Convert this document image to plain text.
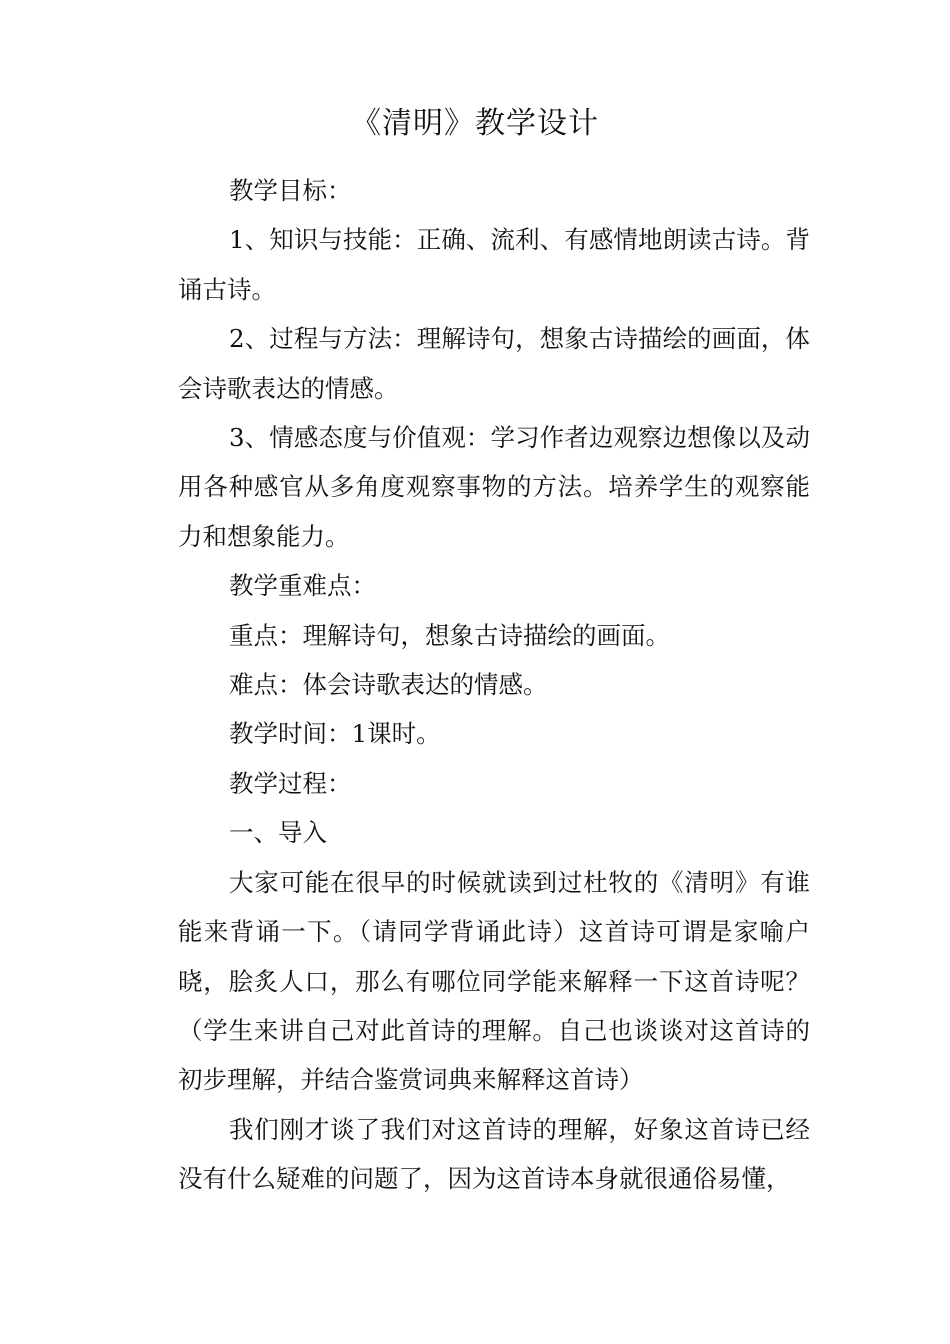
《清明》教学设计

教学目标：

1、知识与技能：正确、流利、有感情地朗读古诗。背诵古诗。

2、过程与方法：理解诗句，想象古诗描绘的画面，体会诗歌表达的情感。

3、情感态度与价值观：学习作者边观察边想像以及动用各种感官从多角度观察事物的方法。培养学生的观察能力和想象能力。

教学重难点：

重点：理解诗句，想象古诗描绘的画面。

难点：体会诗歌表达的情感。

教学时间：1课时。

教学过程：

一、导入

大家可能在很早的时候就读到过杜牧的《清明》有谁能来背诵一下。（请同学背诵此诗）这首诗可谓是家喻户晓，脍炙人口，那么有哪位同学能来解释一下这首诗呢？（学生来讲自己对此首诗的理解。自己也谈谈对这首诗的初步理解，并结合鉴赏词典来解释这首诗）

我们刚才谈了我们对这首诗的理解，好象这首诗已经没有什么疑难的问题了，因为这首诗本身就很通俗易懂，
